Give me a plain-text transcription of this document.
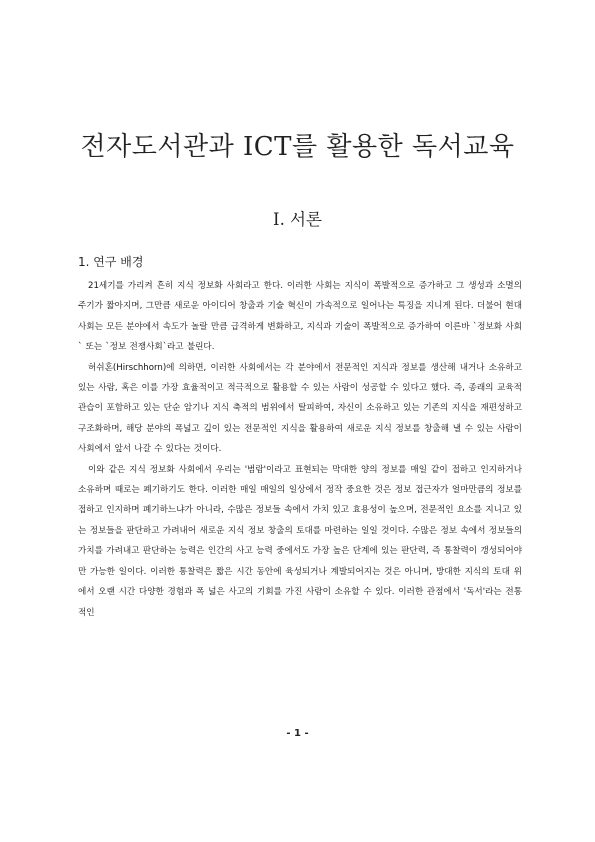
전자도서관과 ICT를 활용한 독서교육
Ⅰ. 서론
1. 연구 배경

21세기를 가리켜 흔히 지식 정보화 사회라고 한다. 이러한 사회는 지식이 폭발적으로 증가하고 그 생성과 소멸의 주기가 짧아지며, 그만큼 새로운 아이디어 창출과 기술 혁신이 가속적으로 일어나는 특징을 지니게 된다. 더불어 현대 사회는 모든 분야에서 속도가 놀랄 만큼 급격하게 변화하고, 지식과 기술이 폭발적으로 증가하여 이른바 `정보화 사회` 또는 `정보 전쟁사회`라고 불린다.

허쉬혼(Hirschhorn)에 의하면, 이러한 사회에서는 각 분야에서 전문적인 지식과 정보를 생산해 내거나 소유하고 있는 사람, 혹은 이를 가장 효율적이고 적극적으로 활용할 수 있는 사람이 성공할 수 있다고 했다. 즉, 종래의 교육적 관습이 포함하고 있는 단순 암기나 지식 축적의 범위에서 탈피하여, 자신이 소유하고 있는 기존의 지식을 재편성하고 구조화하며, 해당 분야의 폭넓고 깊이 있는 전문적인 지식을 활용하여 새로운 지식 정보를 창출해 낼 수 있는 사람이 사회에서 앞서 나갈 수 있다는 것이다.

이와 같은 지식 정보화 사회에서 우리는 '범람'이라고 표현되는 막대한 양의 정보를 매일 같이 접하고 인지하거나 소유하며 때로는 폐기하기도 한다. 이러한 매일 매일의 일상에서 정작 중요한 것은 정보 접근자가 얼마만큼의 정보를 접하고 인지하며 폐기하느냐가 아니라, 수많은 정보들 속에서 가치 있고 효용성이 높으며, 전문적인 요소를 지니고 있는 정보들을 판단하고 가려내어 새로운 지식 정보 창출의 토대를 마련하는 일일 것이다. 수많은 정보 속에서 정보들의 가치를 가려내고 판단하는 능력은 인간의 사고 능력 중에서도 가장 높은 단계에 있는 판단력, 즉 통찰력이 갱성되어야만 가능한 일이다. 이러한 통찰력은 짧은 시간 동안에 육성되거나 계발되어지는 것은 아니며, 방대한 지식의 토대 위에서 오랜 시간 다양한 경험과 폭 넓은 사고의 기회를 가진 사람이 소유할 수 있다. 이러한 관점에서 '독서'라는 전통적인

- 1 -
